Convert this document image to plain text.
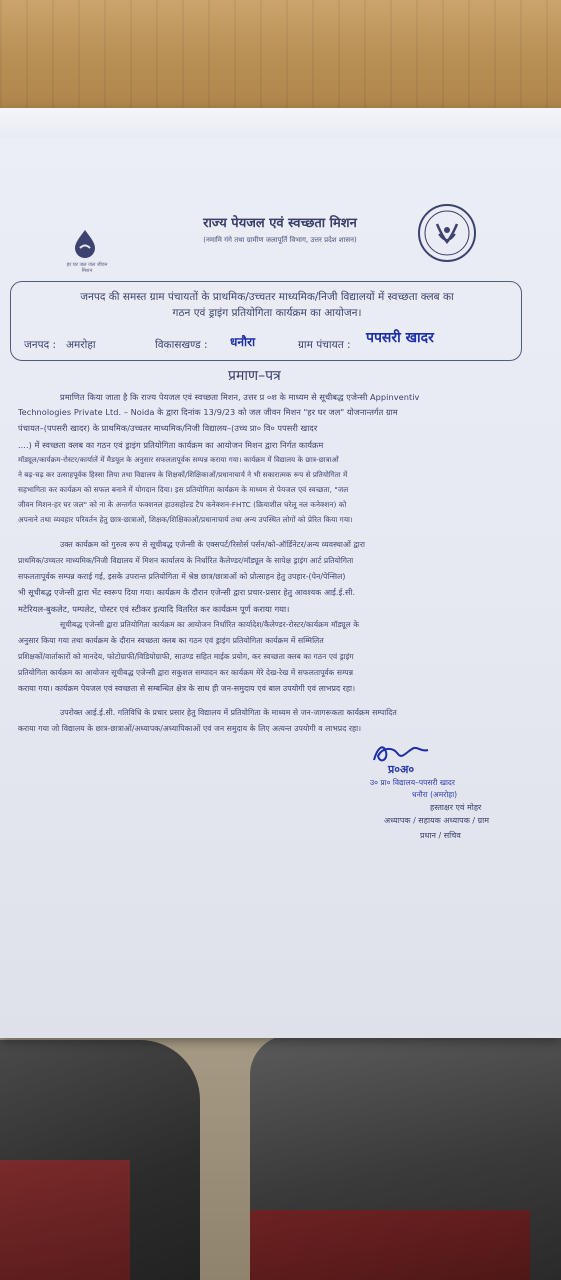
हर घर जल जल जीवन मिशन
राज्य पेयजल एवं स्वच्छता मिशन
(नमामि गंगे तथा ग्रामीण जलापूर्ति विभाग, उत्तर प्रदेश शासन)
जनपद की समस्त ग्राम पंचायतों के प्राथमिक/उच्चतर माध्यमिक/निजी विद्यालयों में स्वच्छता क्लब का
गठन एवं ड्राइंग प्रतियोगिता कार्यक्रम का आयोजन।
जनपद : अमरोहा	विकासखण्ड : धनौरा	ग्राम पंचायत : पपसरी खादर
प्रमाण–पत्र
प्रमाणित किया जाता है कि राज्य पेयजल एवं स्वच्छता मिशन, उत्तर प्र ०श के माध्यम से सूचीबद्ध एजेन्सी Appinventiv
Technologies Private Ltd. – Noida के द्वारा दिनांक 13/9/23 को जल जीवन मिशन "हर घर जल" योजनान्तर्गत ग्राम
पंचायत–(पपसरी खादर) के प्राथमिक/उच्चतर माध्यमिक/निजी विद्यालय–(उच्च प्रा० वि० पपसरी खादर
....) में स्वच्छता क्लब का गठन एवं ड्राइंग प्रतियोगिता कार्यक्रम का आयोजन मिशन द्वारा निर्गत कार्यक्रम
मॉड्यूल/कार्यक्रम-रोस्टर/कार्यालें में मैडयूल के अनुसार सफलतापूर्वक सम्पन्न कराया गया। कार्यक्रम में विद्यालय के छात्र-छात्राओं
ने बढ़-चढ़ कर उत्साहपूर्वक हिस्सा लिया तथा विद्यालय के शिक्षकों/शिक्षिकाओं/प्रधानाचार्य ने भी सकारात्मक रूप से प्रतियोगिता में
सहभागिता कर कार्यक्रम को सफल बनाने में योगदान दिया। इस प्रतियोगिता कार्यक्रम के माध्यम से पेयजल एवं स्वच्छता, "जल
जीवन मिशन-हर घर जल" को ना के अन्तर्गत फक्शनल हाउसहोल्ड टैप कनेक्शन-FHTC (क्रियाशील घरेलू नल कनेक्शन) को
अपनाने तथा व्यवहार परिवर्तन हेतु छात्र-छात्राओं, शिक्षक/शिक्षिकाओं/प्रधानाचार्य तथा अन्य उपस्थित लोगों को प्रेरित किया गया।
उक्त कार्यक्रम को गुरुत्व रूप से सूचीबद्ध एजेन्सी के एक्सपर्ट/रिसोर्स पर्सन/को-ऑर्डिनेटर/अन्य व्यवस्थाओं द्वारा
प्राथमिक/उच्चतर माध्यमिक/निजी विद्यालय में मिशन कार्यालय के निर्धारित कैलेण्डर/मॉड्यूल के सापेक्ष ड्राइंग आर्ट प्रतियोगिता
सफलतापूर्वक सम्पन्न कराई गई, इसके उपरान्त प्रतियोगिता में श्रेष्ठ छात्र/छात्राओं को प्रोत्साहन हेतु उपहार-(पेन/पेन्सिल)
भी सूचीबद्ध एजेन्सी द्वारा भेंट स्वरूप दिया गया। कार्यक्रम के दौरान एजेन्सी द्वारा प्रचार-प्रसार हेतु आवश्यक आई.ई.सी.
मटेरियल-बुकलेट, पम्पलेट, पोस्टर एवं स्टीकर इत्यादि वितरित कर कार्यक्रम पूर्ण कराया गया।
सूचीबद्ध एजेन्सी द्वारा प्रतियोगिता कार्यक्रम का आयोजन निर्धारित कार्यादेश/कैलेण्डर-रोस्टर/कार्यक्रम मॉड्यूल के
अनुसार किया गया तथा कार्यक्रम के दौरान स्वच्छता क्लब का गठन एवं ड्राइंग प्रतियोगिता कार्यक्रम में सम्मिलित
प्रशिक्षकों/वार्ताकारों को मानदेय, फोटोग्राफी/विडियोग्राफी, साउण्ड सहित माईक प्रयोग, कर स्वच्छता क्लब का गठन एवं ड्राइंग
प्रतियोगिता कार्यक्रम का आयोजन सूचीबद्ध एजेन्सी द्वारा सकुशल सम्पादन कर कार्यक्रम मेरे देख-रेख में सफलतापूर्वक सम्पन्न
कराया गया। कार्यक्रम पेयजल एवं स्वच्छता से सम्बन्धित क्षेत्र के साथ ही जन-समुदाय एवं बाल उपयोगी एवं लाभप्रद रहा।
उपरोक्त आई.ई.सी. गतिविधि के प्रचार प्रसार हेतु विद्यालय में प्रतियोगिता के माध्यम से जन-जागरूकता कार्यक्रम सम्पादित
कराया गया जो विद्यालय के छात्र-छात्राओं/अध्यापक/अध्यापिकाओं एवं जन समुदाय के लिए अत्यन्त उपयोगी व लाभप्रद रहा।
प्र०अ०
उ० प्रा० विद्यालय–पपसरी खादर
धनौरा (अमरोहा)
हस्ताक्षर एवं मोहर
अध्यापक / सहायक अध्यापक / ग्राम
प्रधान / सचिव
